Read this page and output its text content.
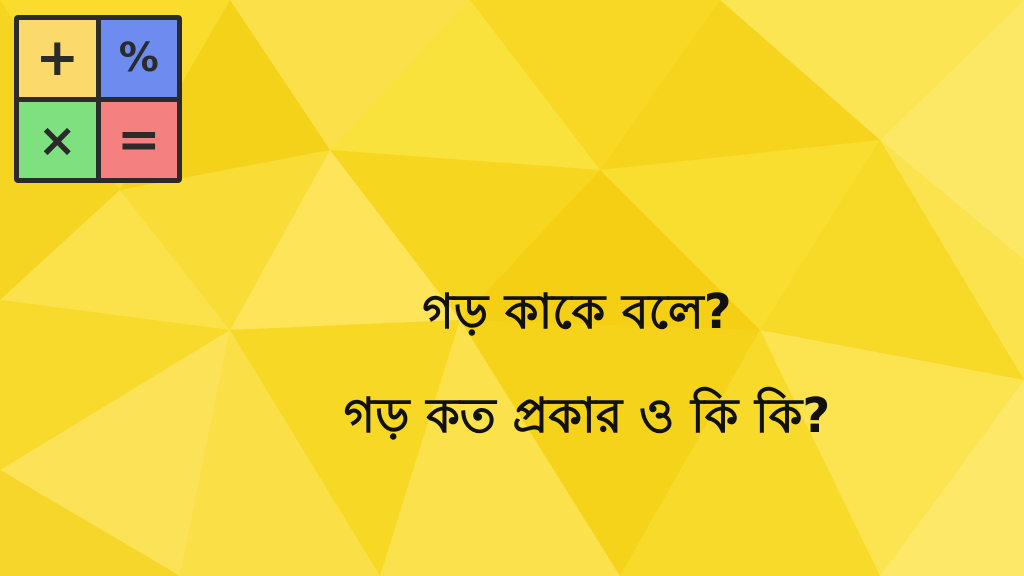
+ %
× =
গড় কাকে বলে?
গড় কত প্রকার ও কি কি?
